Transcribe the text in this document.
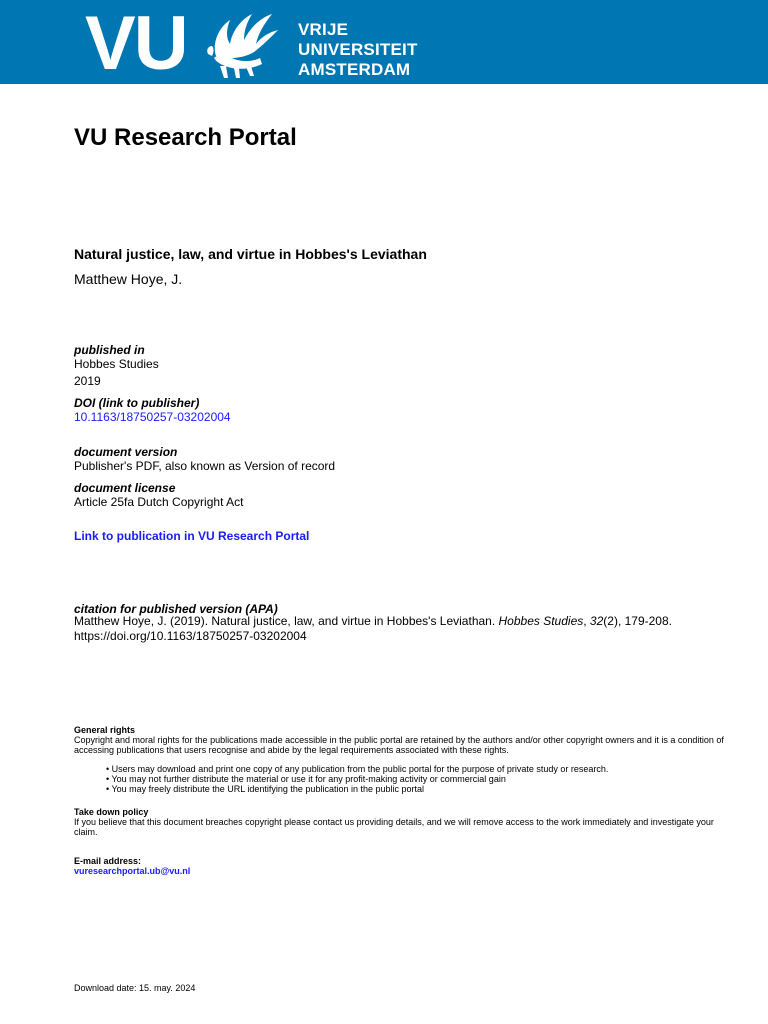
VU	VRIJE
UNIVERSITEIT
AMSTERDAM
VU Research Portal
Natural justice, law, and virtue in Hobbes's Leviathan
Matthew Hoye, J.
published in
Hobbes Studies
2019
DOI (link to publisher)
10.1163/18750257-03202004
document version
Publisher's PDF, also known as Version of record
document license
Article 25fa Dutch Copyright Act
Link to publication in VU Research Portal
citation for published version (APA)
Matthew Hoye, J. (2019). Natural justice, law, and virtue in Hobbes's Leviathan. Hobbes Studies, 32(2), 179-208. https://doi.org/10.1163/18750257-03202004
General rights
Copyright and moral rights for the publications made accessible in the public portal are retained by the authors and/or other copyright owners and it is a condition of accessing publications that users recognise and abide by the legal requirements associated with these rights.
• Users may download and print one copy of any publication from the public portal for the purpose of private study or research.
• You may not further distribute the material or use it for any profit-making activity or commercial gain
• You may freely distribute the URL identifying the publication in the public portal
Take down policy
If you believe that this document breaches copyright please contact us providing details, and we will remove access to the work immediately and investigate your claim.
E-mail address:
vuresearchportal.ub@vu.nl
Download date: 15. may. 2024
